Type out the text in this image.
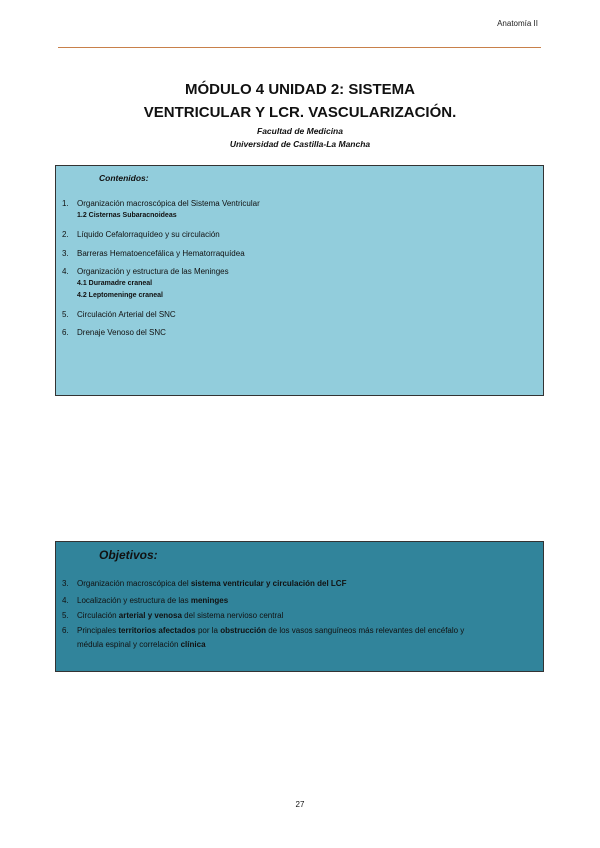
Anatomía II
MÓDULO 4 UNIDAD 2: SISTEMA
VENTRICULAR Y LCR. VASCULARIZACIÓN.
Facultad de Medicina
Universidad de Castilla-La Mancha
Contenidos:
1. Organización macroscópica del Sistema Ventricular
1.2 Cisternas Subaracnoideas
2. Líquido Cefalorraquídeo y su circulación
3. Barreras Hematoencefálica y Hematorraquídea
4. Organización y estructura de las Meninges
4.1 Duramadre craneal
4.2 Leptomeninge craneal
5. Circulación Arterial del SNC
6. Drenaje Venoso del SNC
Objetivos:
3. Organización macroscópica del sistema ventricular y circulación del LCF
4. Localización y estructura de las meninges
5. Circulación arterial y venosa del sistema nervioso central
6. Principales territorios afectados por la obstrucción de los vasos sanguíneos más relevantes del encéfalo y
médula espinal y correlación clínica
27
